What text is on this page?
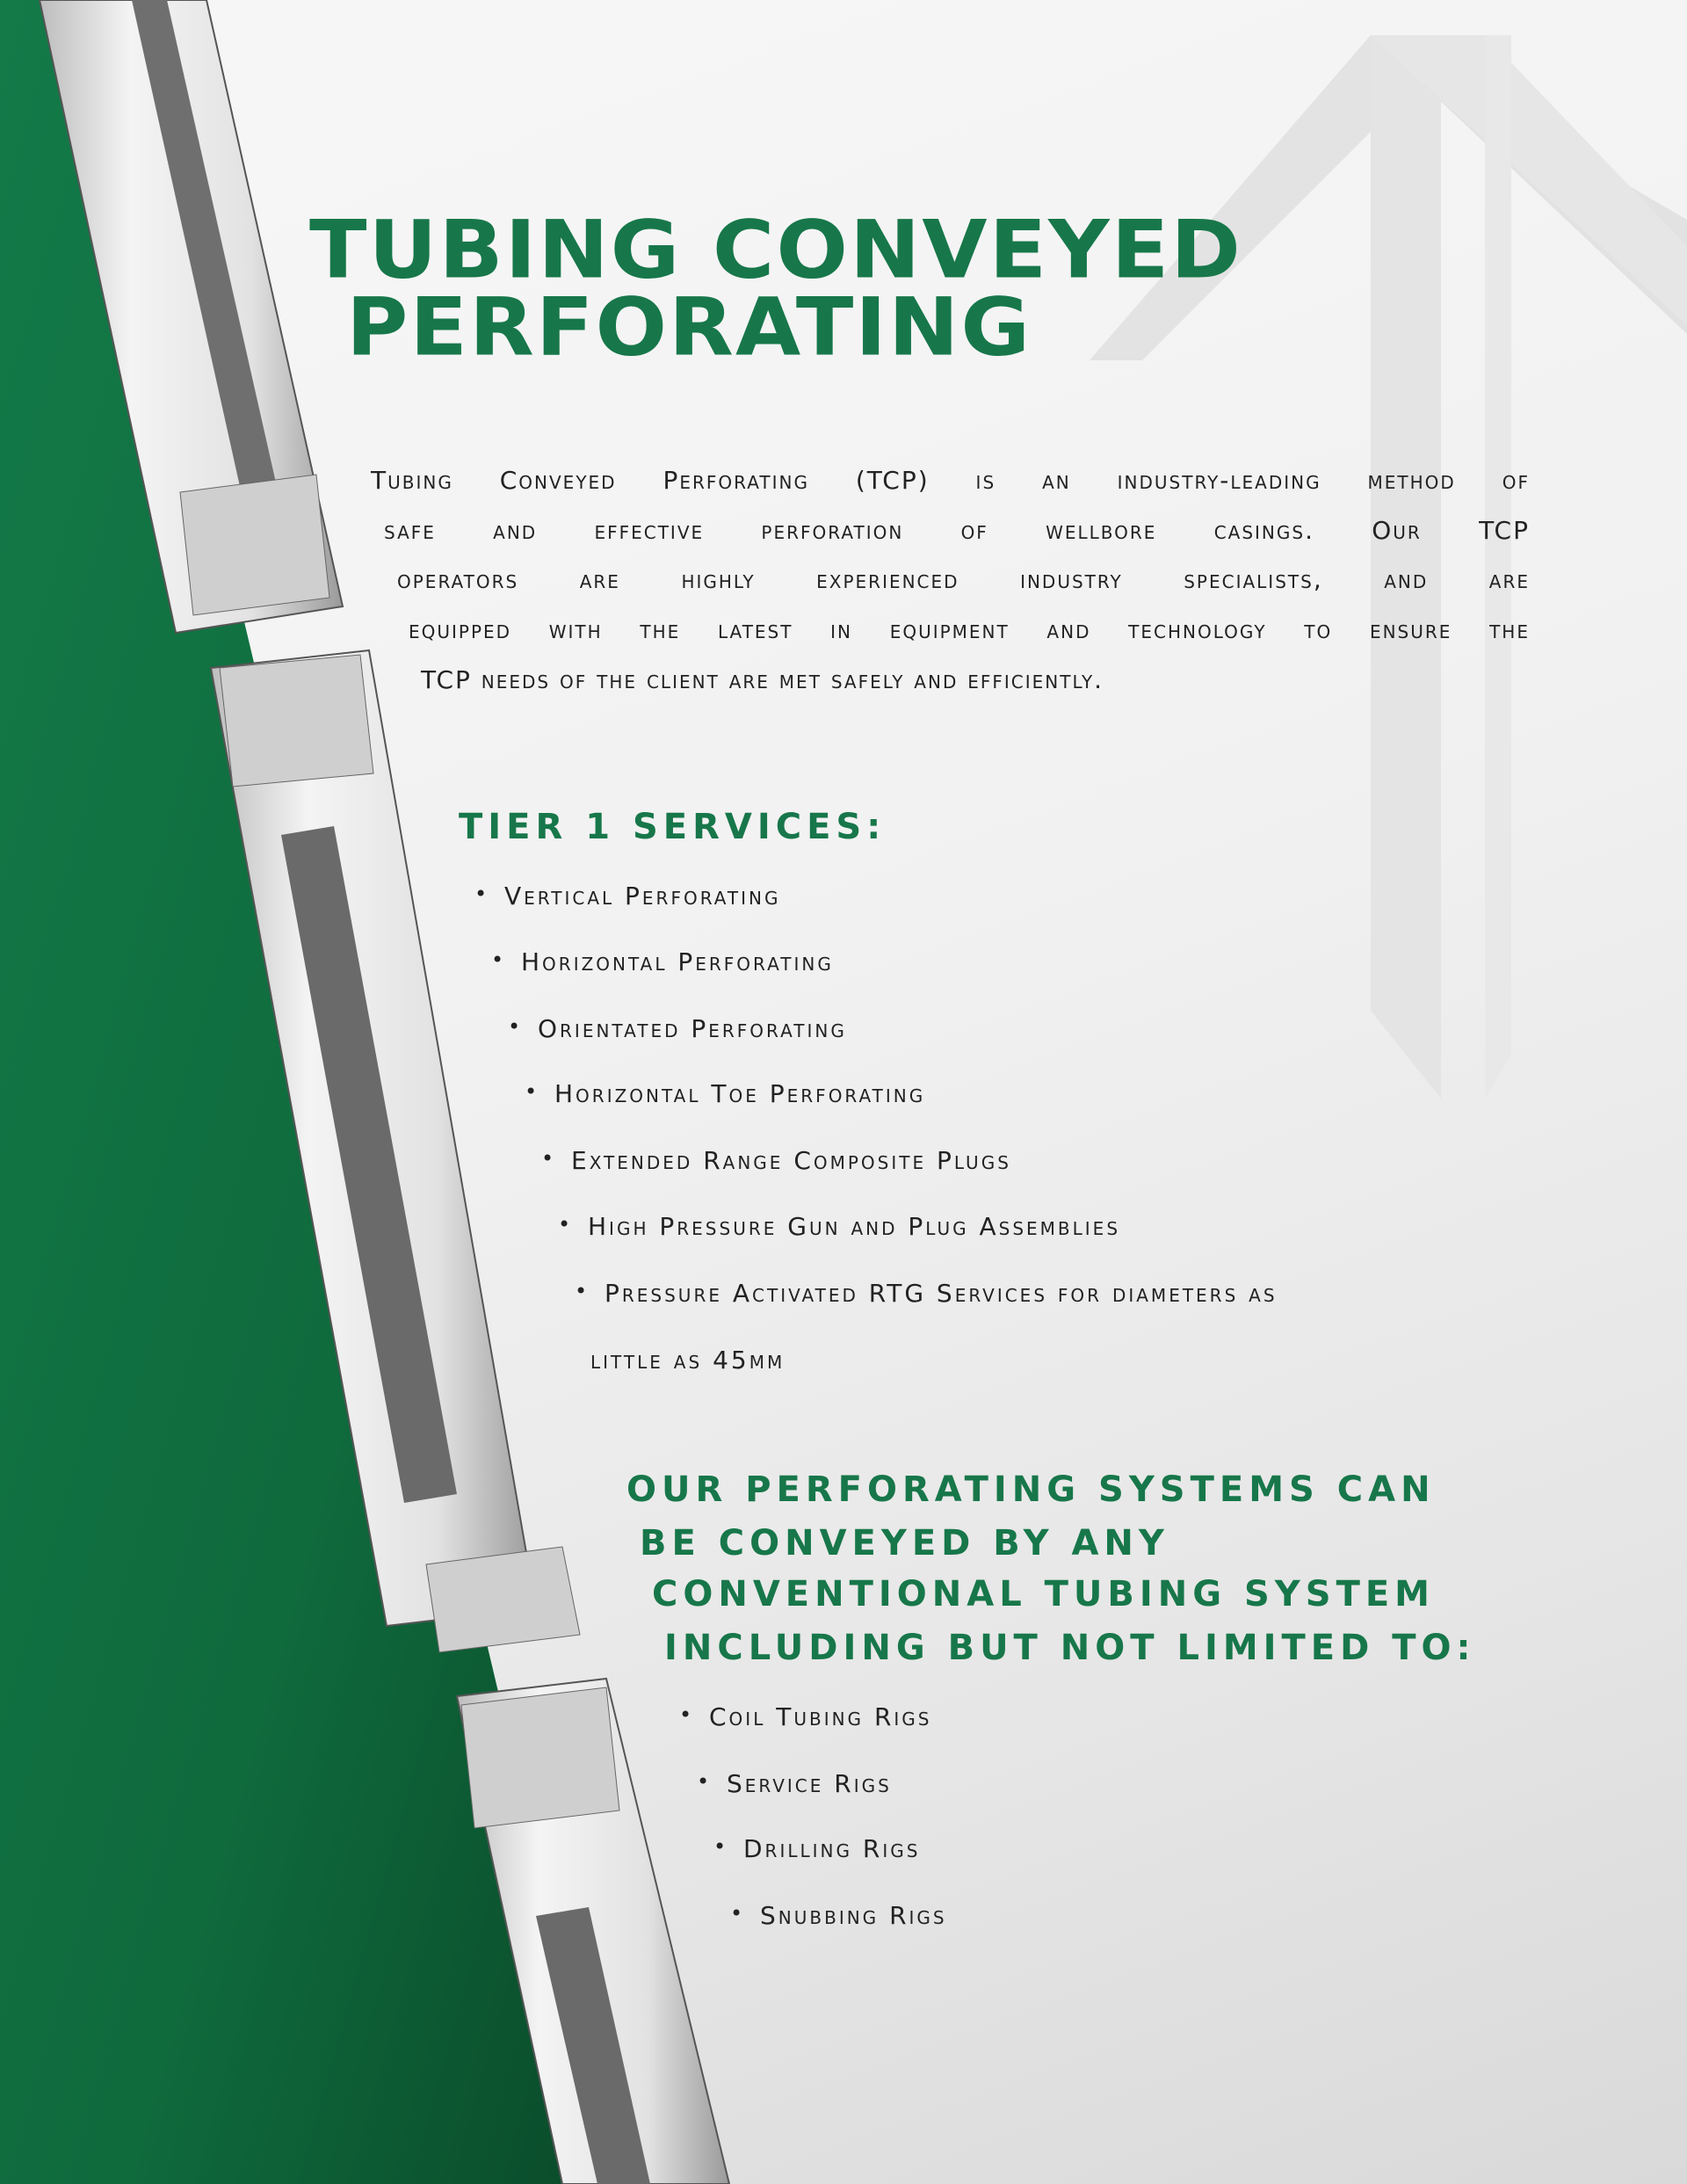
TUBING CONVEYED
PERFORATING
Tubing Conveyed Perforating (TCP) is an industry-leading method of
safe and effective perforation of wellbore casings. Our TCP
operators are highly experienced industry specialists, and are
equipped with the latest in equipment and technology to ensure the
TCP needs of the client are met safely and efficiently.
TIER 1 SERVICES:
• Vertical Perforating
• Horizontal Perforating
• Orientated Perforating
• Horizontal Toe Perforating
• Extended Range Composite Plugs
• High Pressure Gun and Plug Assemblies
• Pressure Activated RTG Services for diameters as
little as 45mm
OUR PERFORATING SYSTEMS CAN
BE CONVEYED BY ANY
CONVENTIONAL TUBING SYSTEM
INCLUDING BUT NOT LIMITED TO:
• Coil Tubing Rigs
• Service Rigs
• Drilling Rigs
• Snubbing Rigs
